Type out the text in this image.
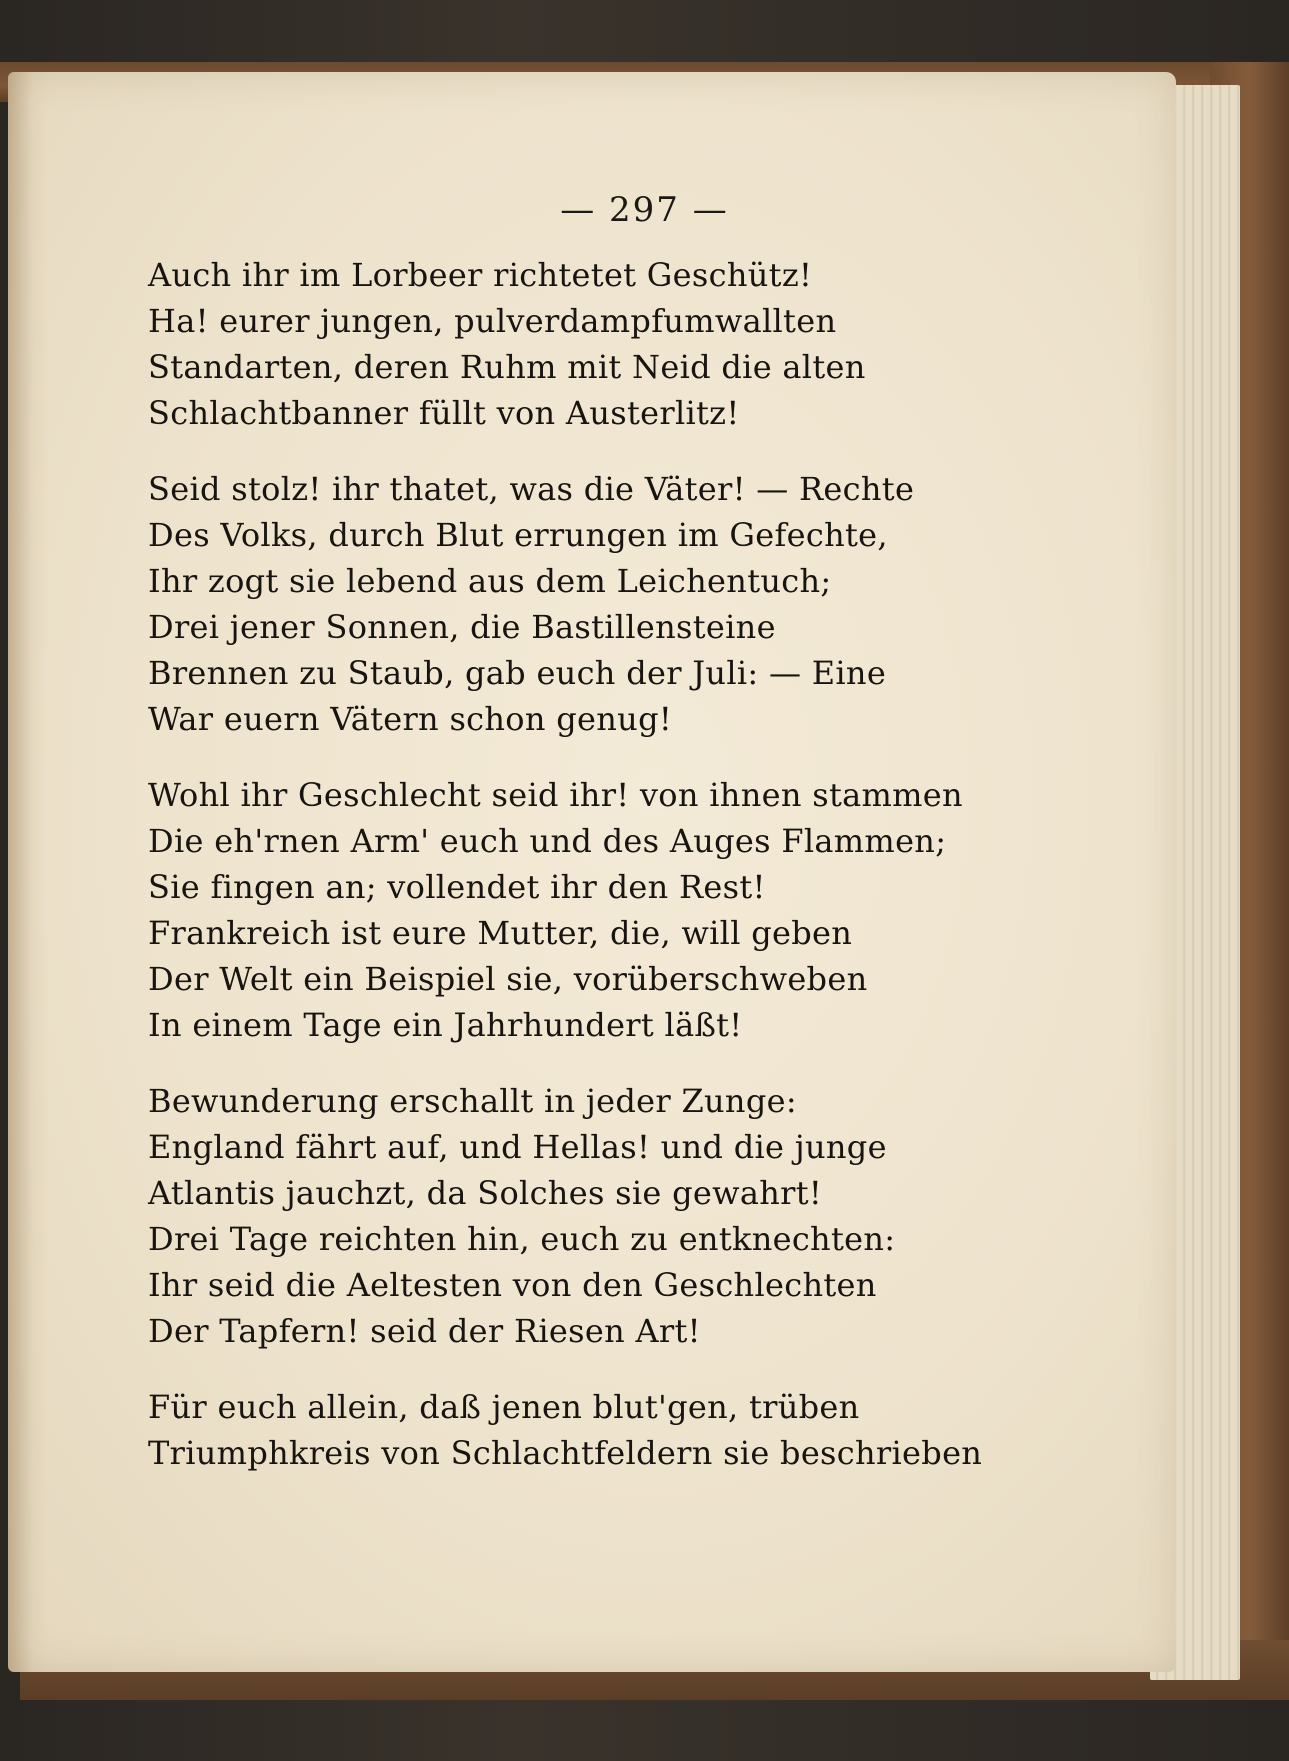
— 297 —
Auch ihr im Lorbeer richtetet Geschütz!
Ha! eurer jungen, pulverdampfumwallten
Standarten, deren Ruhm mit Neid die alten
Schlachtbanner füllt von Austerlitz!
Seid stolz! ihr thatet, was die Väter! — Rechte
Des Volks, durch Blut errungen im Gefechte,
Ihr zogt sie lebend aus dem Leichentuch;
Drei jener Sonnen, die Bastillensteine
Brennen zu Staub, gab euch der Juli: — Eine
War euern Vätern schon genug!
Wohl ihr Geschlecht seid ihr! von ihnen stammen
Die eh'rnen Arm' euch und des Auges Flammen;
Sie fingen an; vollendet ihr den Rest!
Frankreich ist eure Mutter, die, will geben
Der Welt ein Beispiel sie, vorüberschweben
In einem Tage ein Jahrhundert läßt!
Bewunderung erschallt in jeder Zunge:
England fährt auf, und Hellas! und die junge
Atlantis jauchzt, da Solches sie gewahrt!
Drei Tage reichten hin, euch zu entknechten:
Ihr seid die Aeltesten von den Geschlechten
Der Tapfern! seid der Riesen Art!
Für euch allein, daß jenen blut'gen, trüben
Triumphkreis von Schlachtfeldern sie beschrieben
